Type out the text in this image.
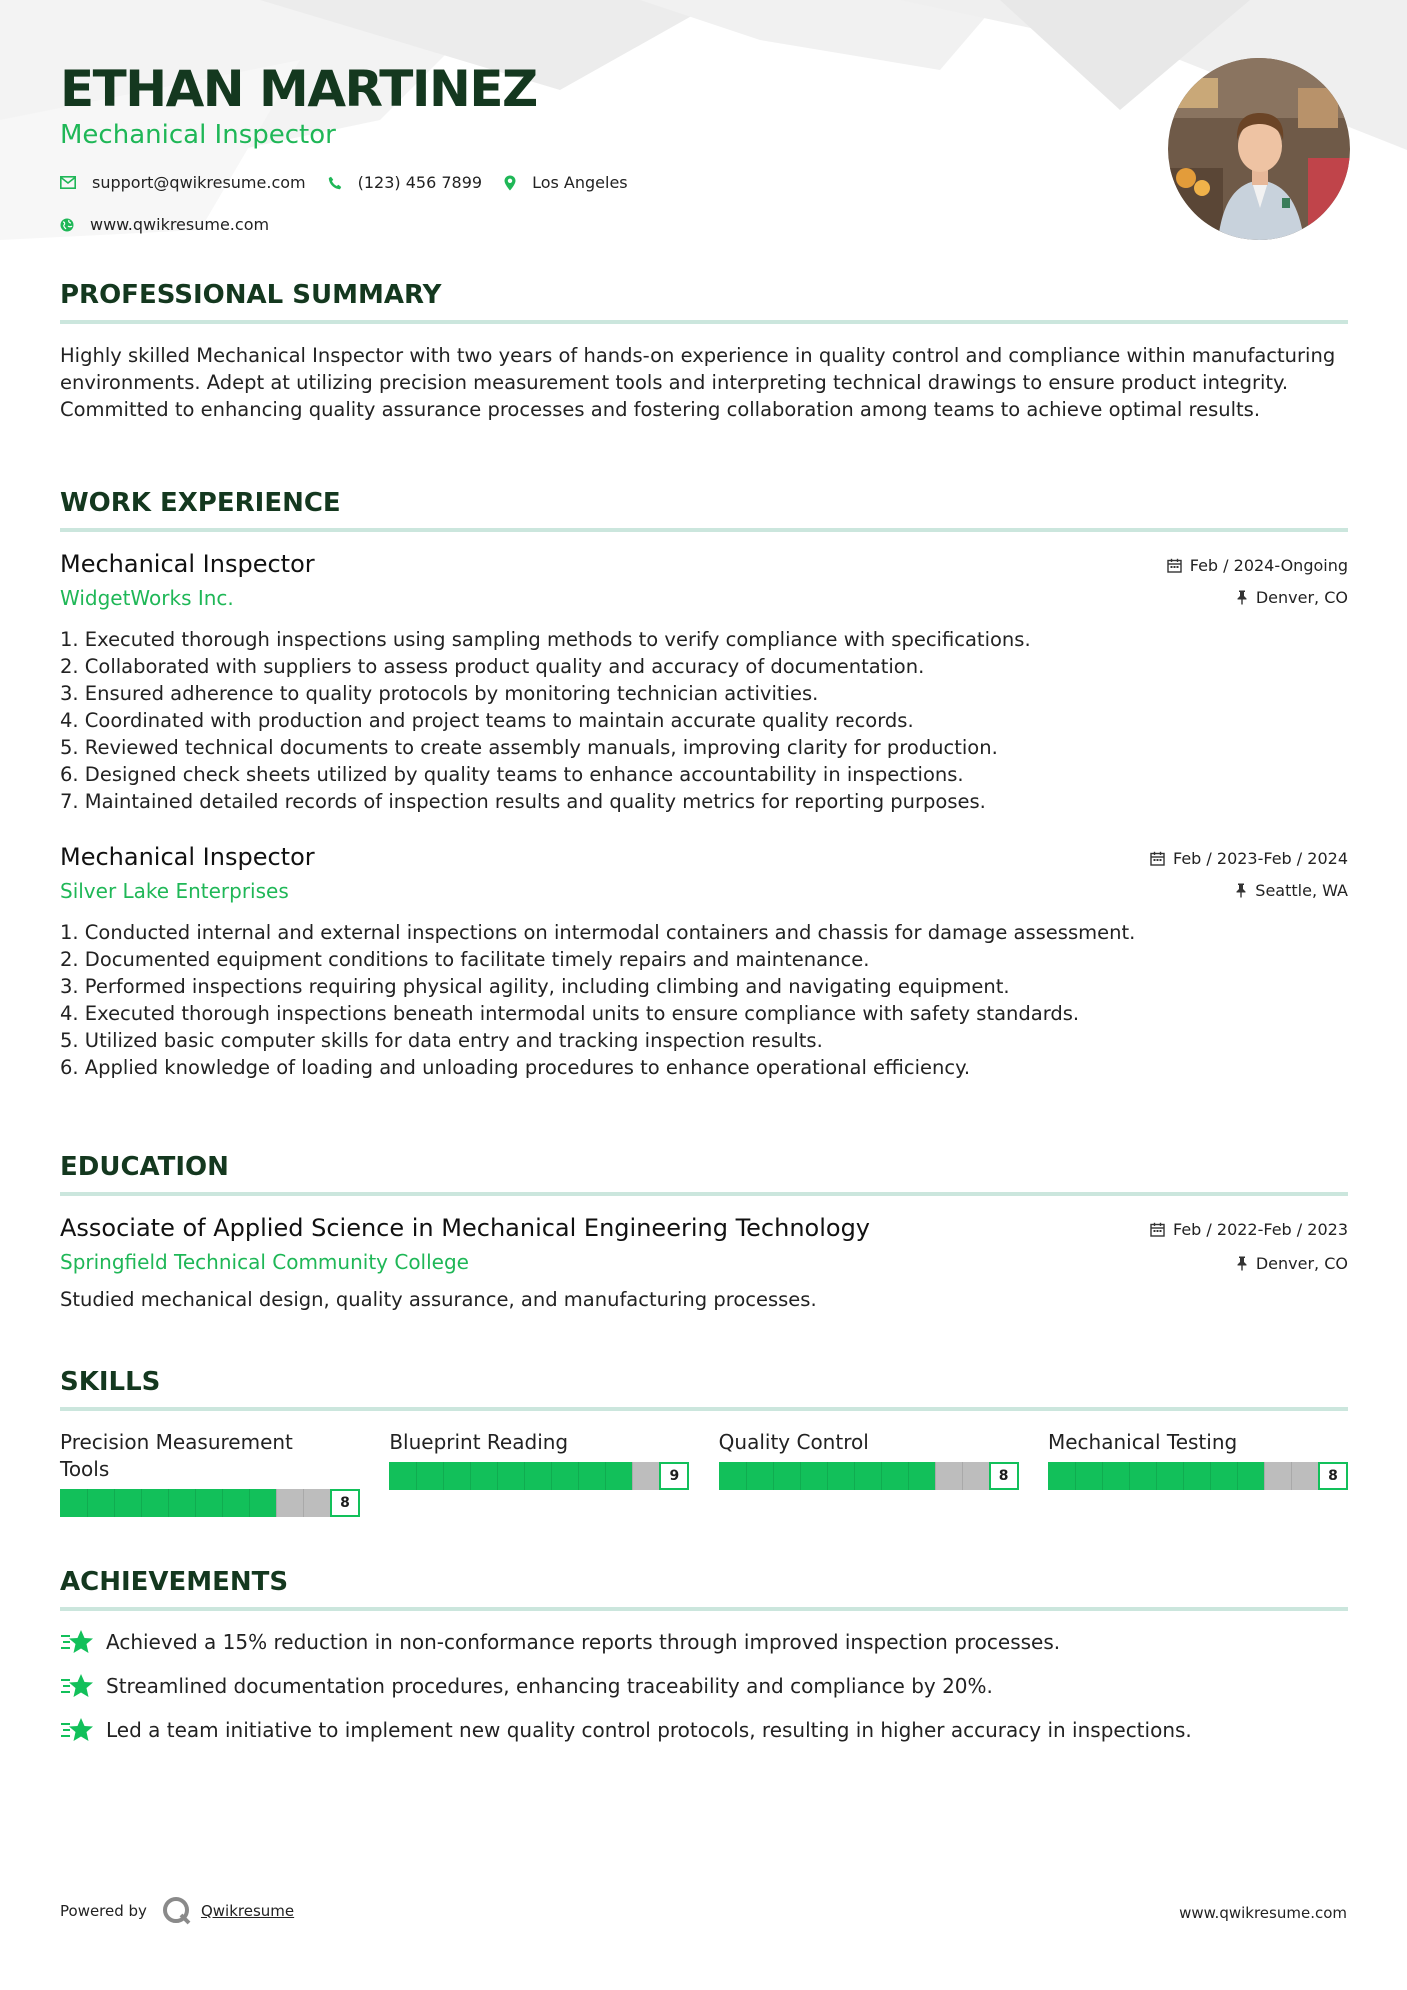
ETHAN MARTINEZ
Mechanical Inspector
support@qwikresume.com	(123) 456 7899	Los Angeles
www.qwikresume.com
PROFESSIONAL SUMMARY
Highly skilled Mechanical Inspector with two years of hands-on experience in quality control and compliance within manufacturing environments. Adept at utilizing precision measurement tools and interpreting technical drawings to ensure product integrity. Committed to enhancing quality assurance processes and fostering collaboration among teams to achieve optimal results.
WORK EXPERIENCE
Mechanical Inspector	Feb / 2024-Ongoing
WidgetWorks Inc.	Denver, CO
1. Executed thorough inspections using sampling methods to verify compliance with specifications.
2. Collaborated with suppliers to assess product quality and accuracy of documentation.
3. Ensured adherence to quality protocols by monitoring technician activities.
4. Coordinated with production and project teams to maintain accurate quality records.
5. Reviewed technical documents to create assembly manuals, improving clarity for production.
6. Designed check sheets utilized by quality teams to enhance accountability in inspections.
7. Maintained detailed records of inspection results and quality metrics for reporting purposes.
Mechanical Inspector	Feb / 2023-Feb / 2024
Silver Lake Enterprises	Seattle, WA
1. Conducted internal and external inspections on intermodal containers and chassis for damage assessment.
2. Documented equipment conditions to facilitate timely repairs and maintenance.
3. Performed inspections requiring physical agility, including climbing and navigating equipment.
4. Executed thorough inspections beneath intermodal units to ensure compliance with safety standards.
5. Utilized basic computer skills for data entry and tracking inspection results.
6. Applied knowledge of loading and unloading procedures to enhance operational efficiency.
EDUCATION
Associate of Applied Science in Mechanical Engineering Technology	Feb / 2022-Feb / 2023
Springfield Technical Community College	Denver, CO
Studied mechanical design, quality assurance, and manufacturing processes.
SKILLS
Precision Measurement Tools
8
Blueprint Reading
9
Quality Control
8
Mechanical Testing
8
ACHIEVEMENTS
Achieved a 15% reduction in non-conformance reports through improved inspection processes.
Streamlined documentation procedures, enhancing traceability and compliance by 20%.
Led a team initiative to implement new quality control protocols, resulting in higher accuracy in inspections.
Powered by	Qwikresume	www.qwikresume.com
